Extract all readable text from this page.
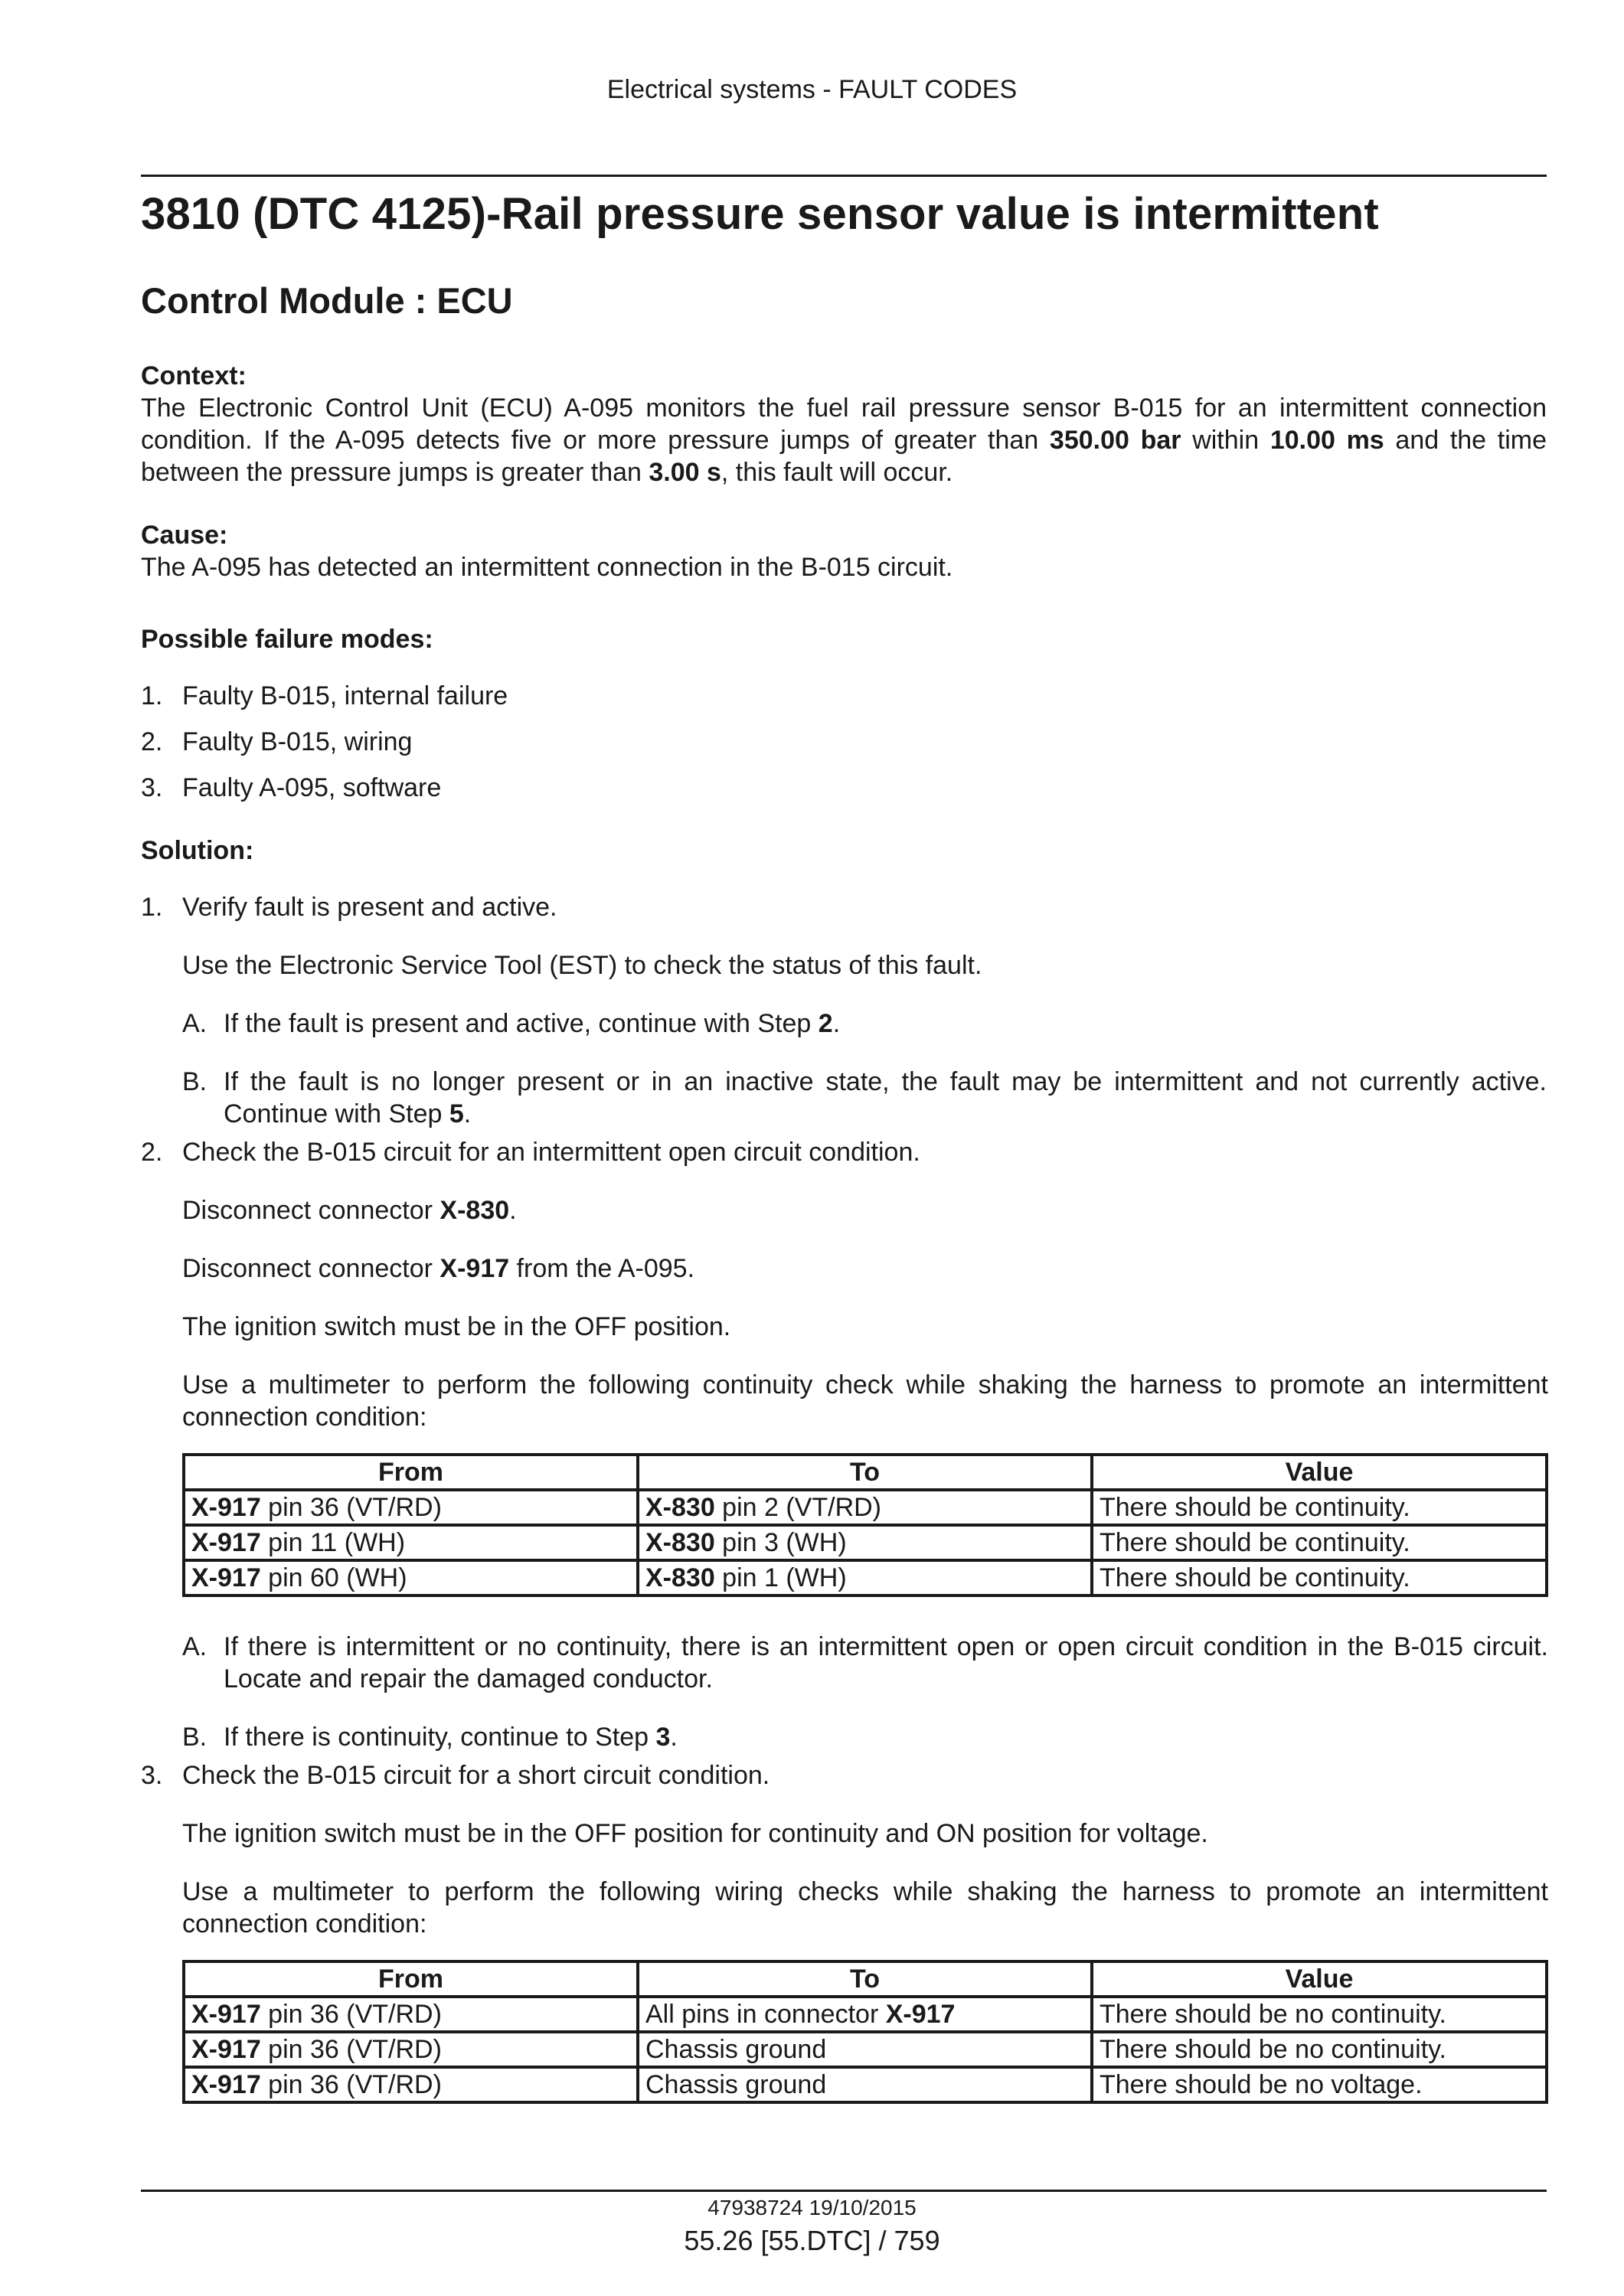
Electrical systems - FAULT CODES
3810 (DTC 4125)-Rail pressure sensor value is intermittent
Control Module : ECU
Context:
The Electronic Control Unit (ECU) A-095 monitors the fuel rail pressure sensor B-015 for an intermittent connection condition. If the A-095 detects five or more pressure jumps of greater than 350.00 bar within 10.00 ms and the time between the pressure jumps is greater than 3.00 s, this fault will occur.
Cause:
The A-095 has detected an intermittent connection in the B-015 circuit.
Possible failure modes:
1. Faulty B-015, internal failure
2. Faulty B-015, wiring
3. Faulty A-095, software
Solution:
1. Verify fault is present and active.
Use the Electronic Service Tool (EST) to check the status of this fault.
A. If the fault is present and active, continue with Step 2.
B. If the fault is no longer present or in an inactive state, the fault may be intermittent and not currently active. Continue with Step 5.
2. Check the B-015 circuit for an intermittent open circuit condition.
Disconnect connector X-830.
Disconnect connector X-917 from the A-095.
The ignition switch must be in the OFF position.
Use a multimeter to perform the following continuity check while shaking the harness to promote an intermittent connection condition:
From	To	Value
X-917 pin 36 (VT/RD)	X-830 pin 2 (VT/RD)	There should be continuity.
X-917 pin 11 (WH)	X-830 pin 3 (WH)	There should be continuity.
X-917 pin 60 (WH)	X-830 pin 1 (WH)	There should be continuity.
A. If there is intermittent or no continuity, there is an intermittent open or open circuit condition in the B-015 circuit. Locate and repair the damaged conductor.
B. If there is continuity, continue to Step 3.
3. Check the B-015 circuit for a short circuit condition.
The ignition switch must be in the OFF position for continuity and ON position for voltage.
Use a multimeter to perform the following wiring checks while shaking the harness to promote an intermittent connection condition:
From	To	Value
X-917 pin 36 (VT/RD)	All pins in connector X-917	There should be no continuity.
X-917 pin 36 (VT/RD)	Chassis ground	There should be no continuity.
X-917 pin 36 (VT/RD)	Chassis ground	There should be no voltage.
47938724 19/10/2015
55.26 [55.DTC] / 759
